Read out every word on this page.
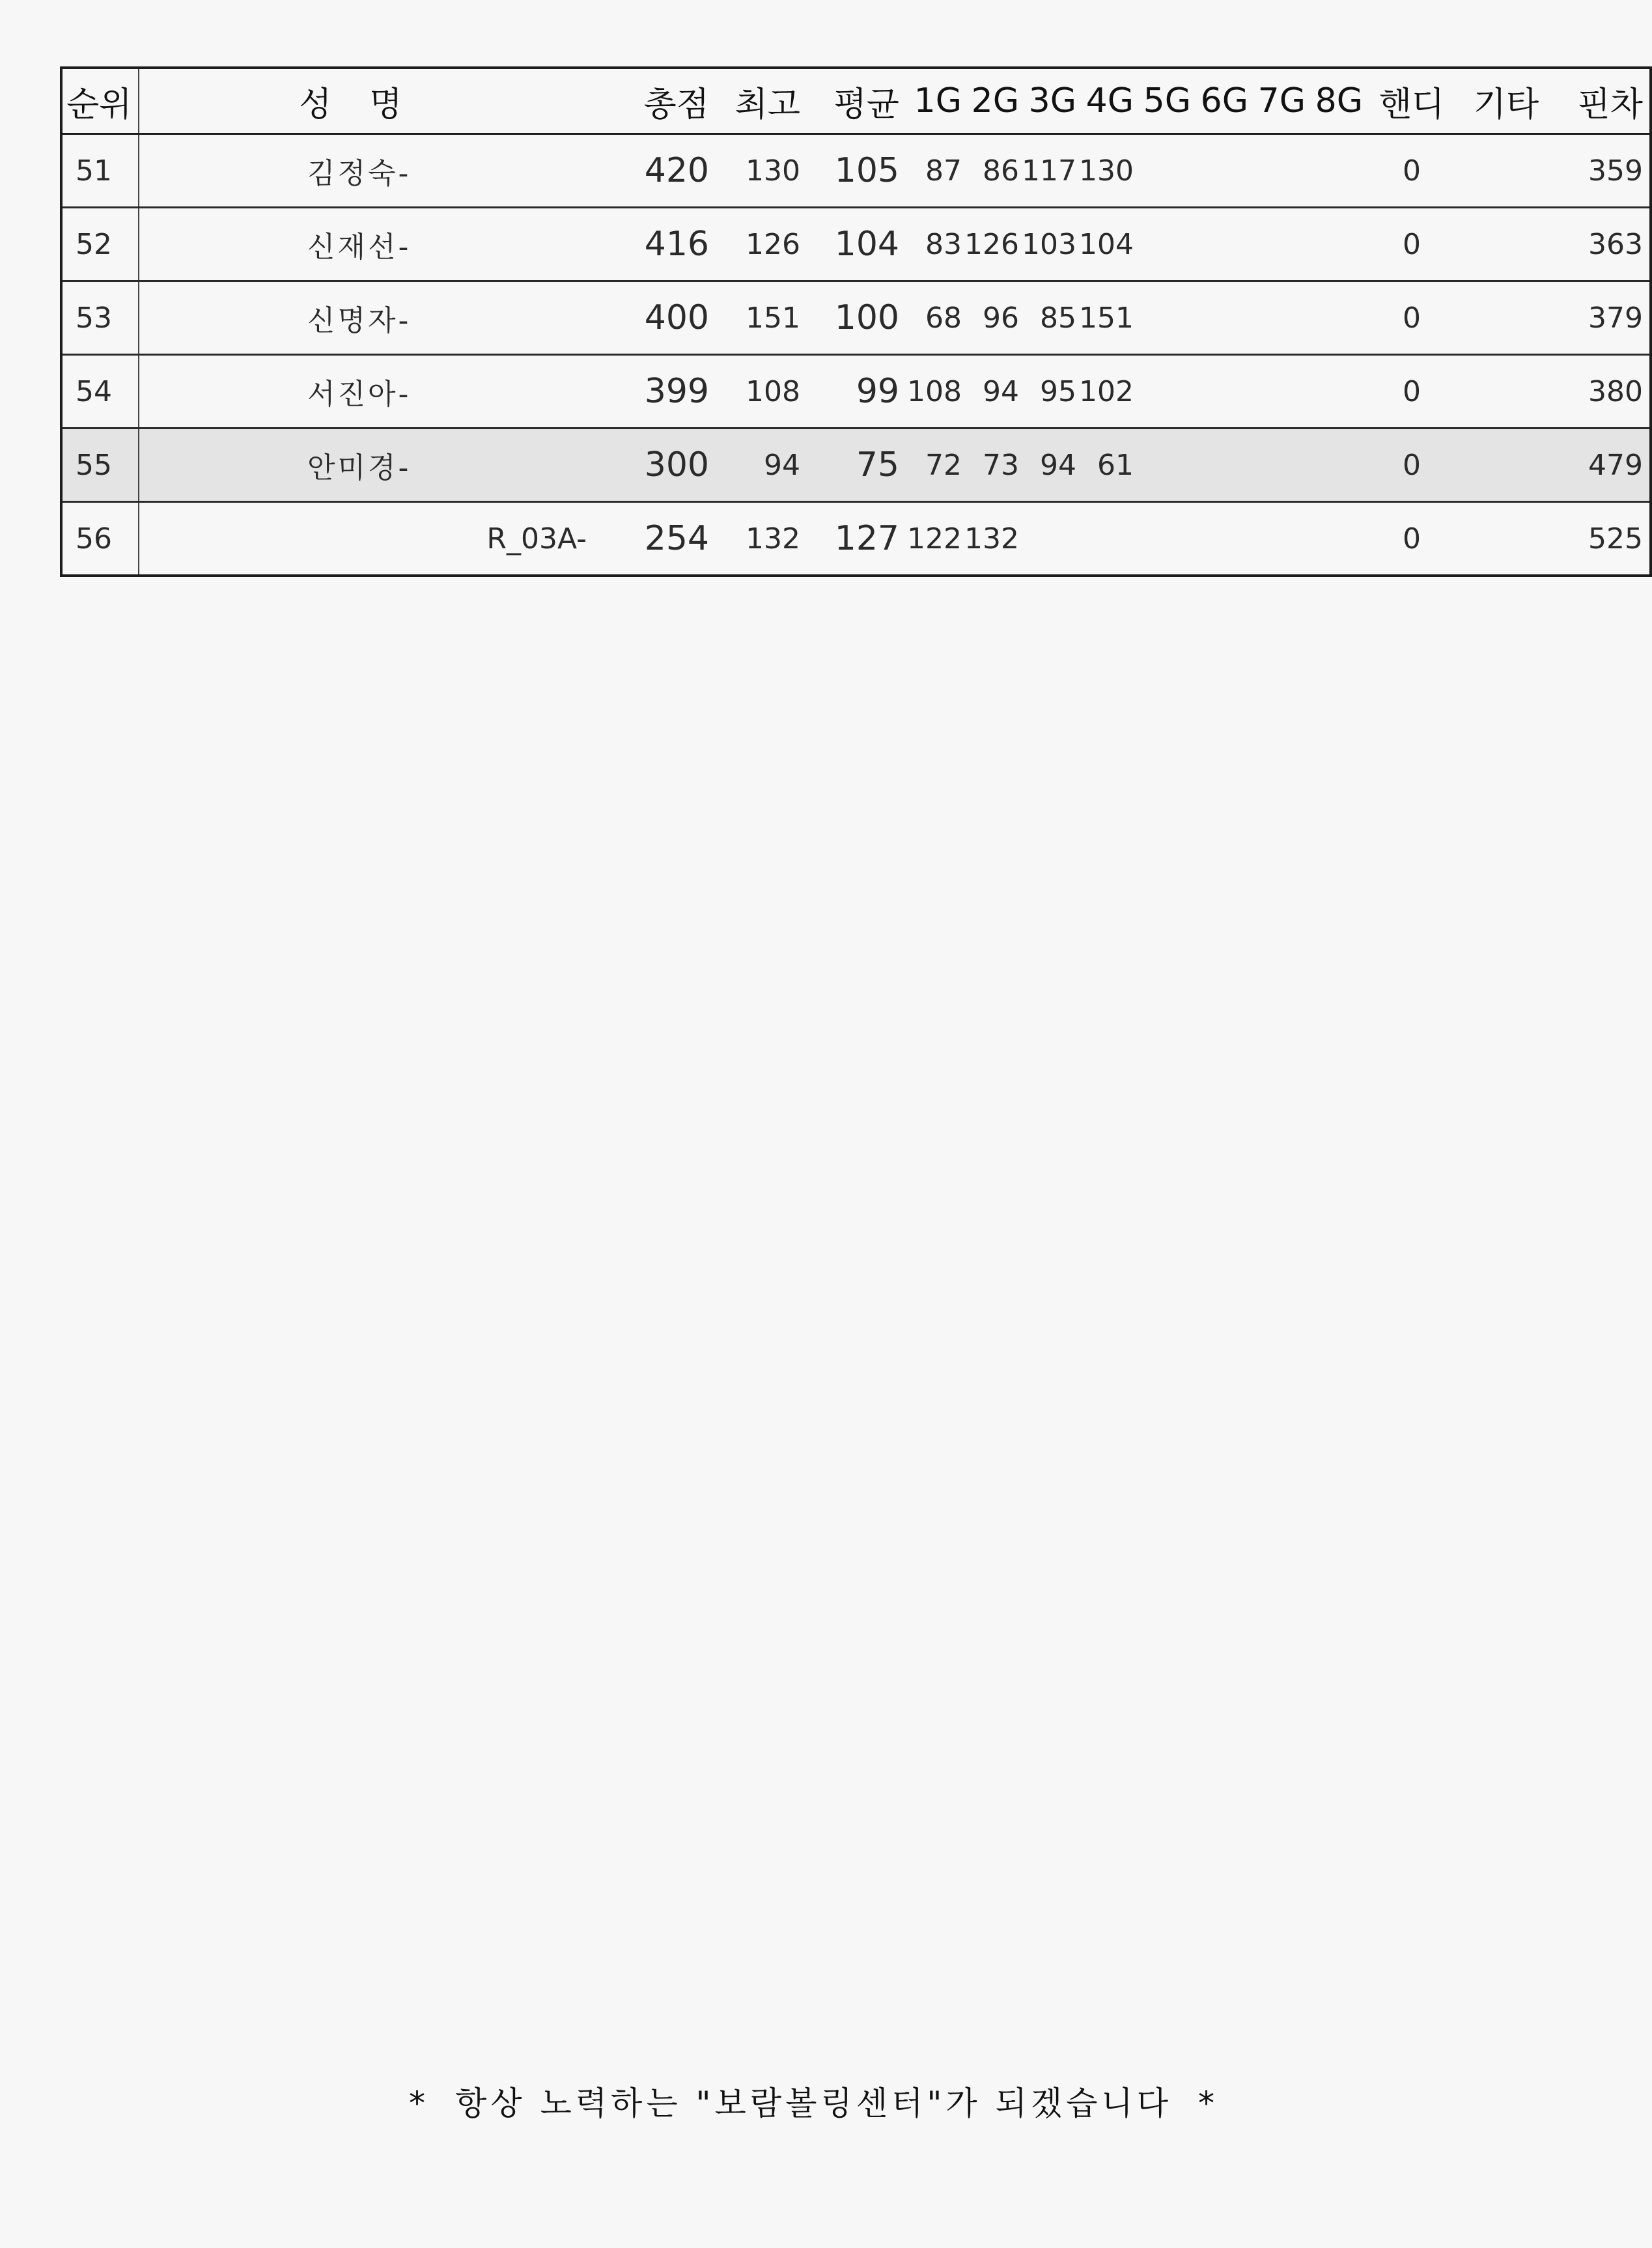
순위	성명	총점	최고	평균	1G	2G	3G	4G	5G	6G	7G	8G	핸디	기타	핀차
51	김정숙-	420	130	105	87	86	117	130					0		359
52	신재선-	416	126	104	83	126	103	104					0		363
53	신명자-	400	151	100	68	96	85	151					0		379
54	서진아-	399	108	99	108	94	95	102					0		380
55	안미경-	300	94	75	72	73	94	61					0		479
56	R_03A-	254	132	127	122	132							0		525
* 항상 노력하는 "보람볼링센터"가 되겠습니다 *
